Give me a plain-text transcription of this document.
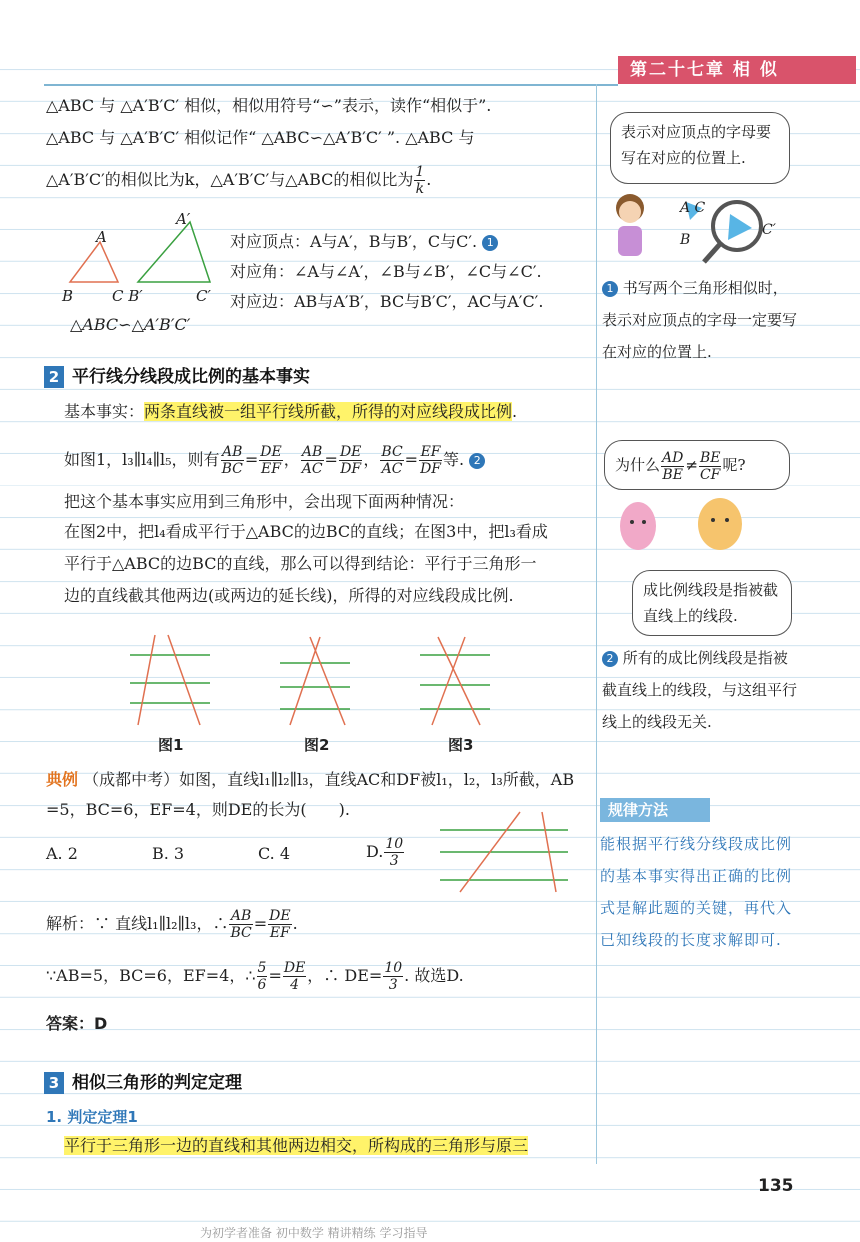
第二十七章 相 似
△ABC 与 △A′B′C′ 相似，相似用符号“∽”表示，读作“相似于”.
△ABC 与 △A′B′C′ 相似记作“ △ABC∽△A′B′C′ ”. △ABC 与
△A′B′C′的相似比为k，△A′B′C′与△ABC的相似比为 $\frac{1}{k}$ .
A
B	C B′
A′
C′
△ABC∽△A′B′C′
对应顶点：A与A′，B与B′，C与C′. 1
对应角：∠A与∠A′，∠B与∠B′，∠C与∠C′.
对应边：AB与A′B′，BC与B′C′，AC与A′C′.
2 平行线分线段成比例的基本事实
基本事实：两条直线被一组平行线所截，所得的对应线段成比例.
如图1，l₃∥l₄∥l₅，则有 $\frac{AB}{BC} = \frac{DE}{EF}$ ， $\frac{AB}{AC} = \frac{DE}{DF}$ ， $\frac{BC}{AC} = \frac{EF}{DF}$ 等. 2
把这个基本事实应用到三角形中，会出现下面两种情况：
在图2中，把l₄看成平行于△ABC的边BC的直线；在图3中，把l₃看成
平行于△ABC的边BC的直线，那么可以得到结论：平行于三角形一
边的直线截其他两边(或两边的延长线)，所得的对应线段成比例.
图1	图2	图3
典例 （成都中考）如图，直线l₁∥l₂∥l₃，直线AC和DF被l₁，l₂，l₃所截，AB
=5，BC=6，EF=4，则DE的长为(　　).
A. 2	B. 3	C. 4	D. $\frac{10}{3}$
解析：∵ 直线l₁∥l₂∥l₃，∴ $\frac{AB}{BC} = \frac{DE}{EF}$ .
∵AB=5，BC=6，EF=4，∴ $\frac{5}{6} = \frac{DE}{4}$ ，∴ $DE= \frac{10}{3}$ . 故选D.
答案：D
3 相似三角形的判定定理
1. 判定定理1
平行于三角形一边的直线和其他两边相交，所构成的三角形与原三
表示对应顶点的字母要写在对应的位置上.
A C
B
C′
1 书写两个三角形相似时，表示对应顶点的字母一定要写在对应的位置上.
为什么 $\frac{AD}{BE} \ne \frac{BE}{CF}$ 呢?
成比例线段是指被截直线上的线段.
2 所有的成比例线段是指被截直线上的线段，与这组平行线上的线段无关.
规律方法
能根据平行线分线段成比例的基本事实得出正确的比例式是解此题的关键，再代入已知线段的长度求解即可.
135
为初学者准备 初中数学 精讲精练 学习指导
